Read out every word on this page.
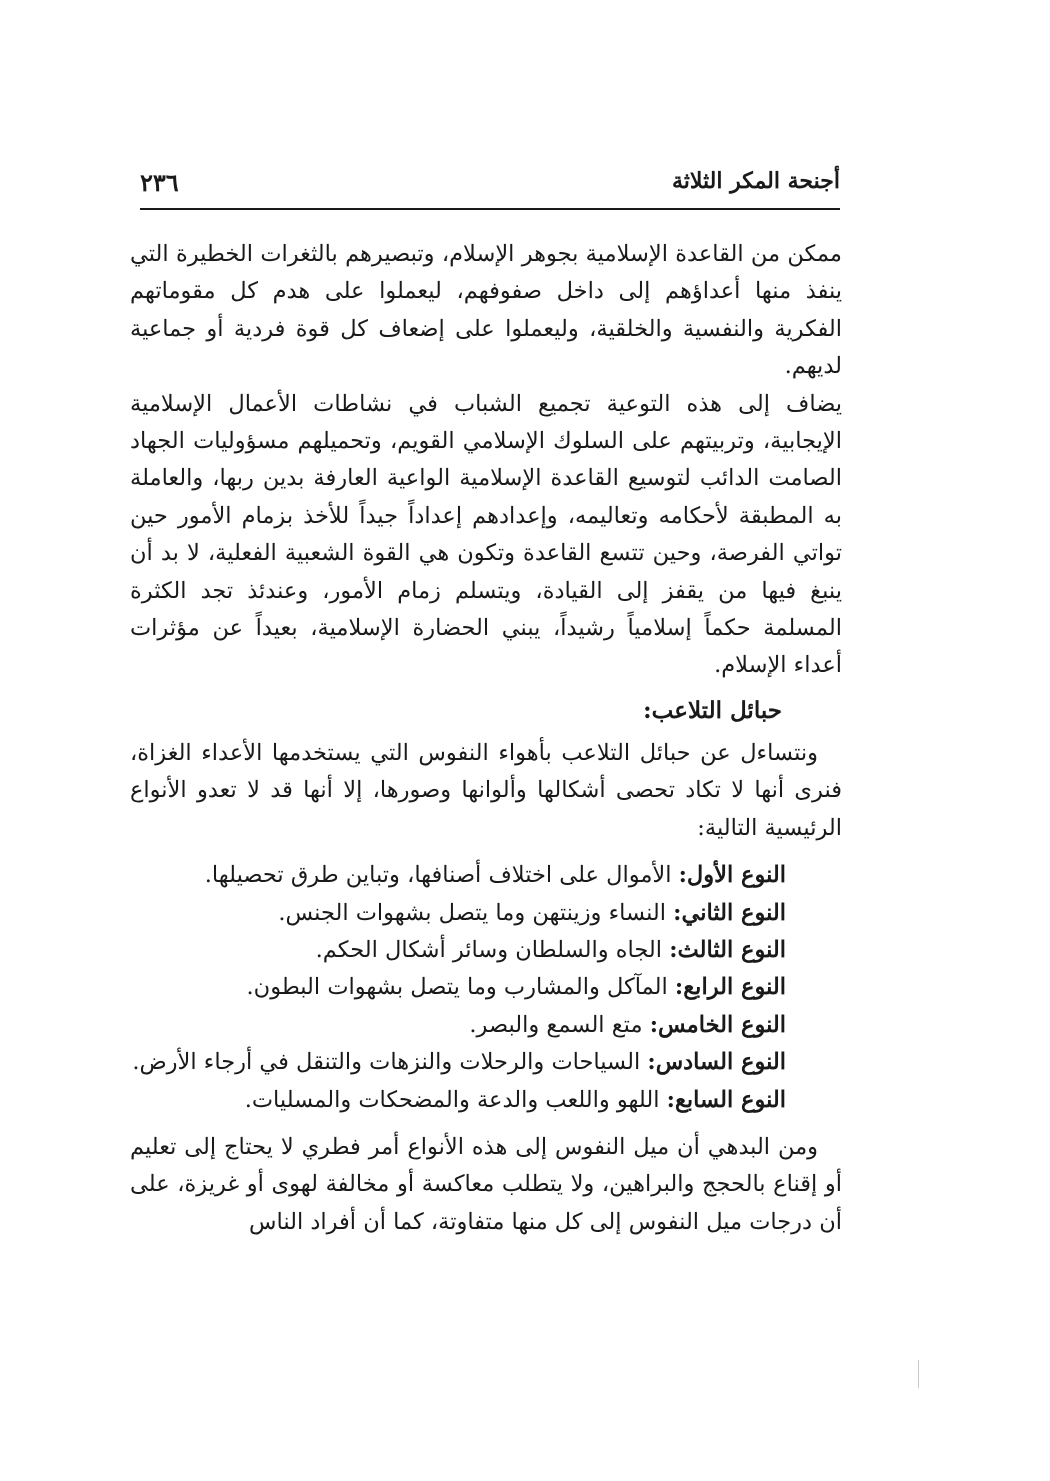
أجنحة المكر الثلاثة
٢٣٦

ممكن من القاعدة الإسلامية بجوهر الإسلام، وتبصيرهم بالثغرات الخطيرة التي ينفذ منها أعداؤهم إلى داخل صفوفهم، ليعملوا على هدم كل مقوماتهم الفكرية والنفسية والخلقية، وليعملوا على إضعاف كل قوة فردية أو جماعية لديهم.

يضاف إلى هذه التوعية تجميع الشباب في نشاطات الأعمال الإسلامية الإيجابية، وتربيتهم على السلوك الإسلامي القويم، وتحميلهم مسؤوليات الجهاد الصامت الدائب لتوسيع القاعدة الإسلامية الواعية العارفة بدين ربها، والعاملة به المطبقة لأحكامه وتعاليمه، وإعدادهم إعداداً جيداً للأخذ بزمام الأمور حين تواتي الفرصة، وحين تتسع القاعدة وتكون هي القوة الشعبية الفعلية، لا بد أن ينبغ فيها من يقفز إلى القيادة، ويتسلم زمام الأمور، وعندئذ تجد الكثرة المسلمة حكماً إسلامياً رشيداً، يبني الحضارة الإسلامية، بعيداً عن مؤثرات أعداء الإسلام.

حبائل التلاعب:

ونتساءل عن حبائل التلاعب بأهواء النفوس التي يستخدمها الأعداء الغزاة، فنرى أنها لا تكاد تحصى أشكالها وألوانها وصورها، إلا أنها قد لا تعدو الأنواع الرئيسية التالية:

النوع الأول: الأموال على اختلاف أصنافها، وتباين طرق تحصيلها.

النوع الثاني: النساء وزينتهن وما يتصل بشهوات الجنس.

النوع الثالث: الجاه والسلطان وسائر أشكال الحكم.

النوع الرابع: المآكل والمشارب وما يتصل بشهوات البطون.

النوع الخامس: متع السمع والبصر.

النوع السادس: السياحات والرحلات والنزهات والتنقل في أرجاء الأرض.

النوع السابع: اللهو واللعب والدعة والمضحكات والمسليات.

ومن البدهي أن ميل النفوس إلى هذه الأنواع أمر فطري لا يحتاج إلى تعليم أو إقناع بالحجج والبراهين، ولا يتطلب معاكسة أو مخالفة لهوى أو غريزة، على أن درجات ميل النفوس إلى كل منها متفاوتة، كما أن أفراد الناس
